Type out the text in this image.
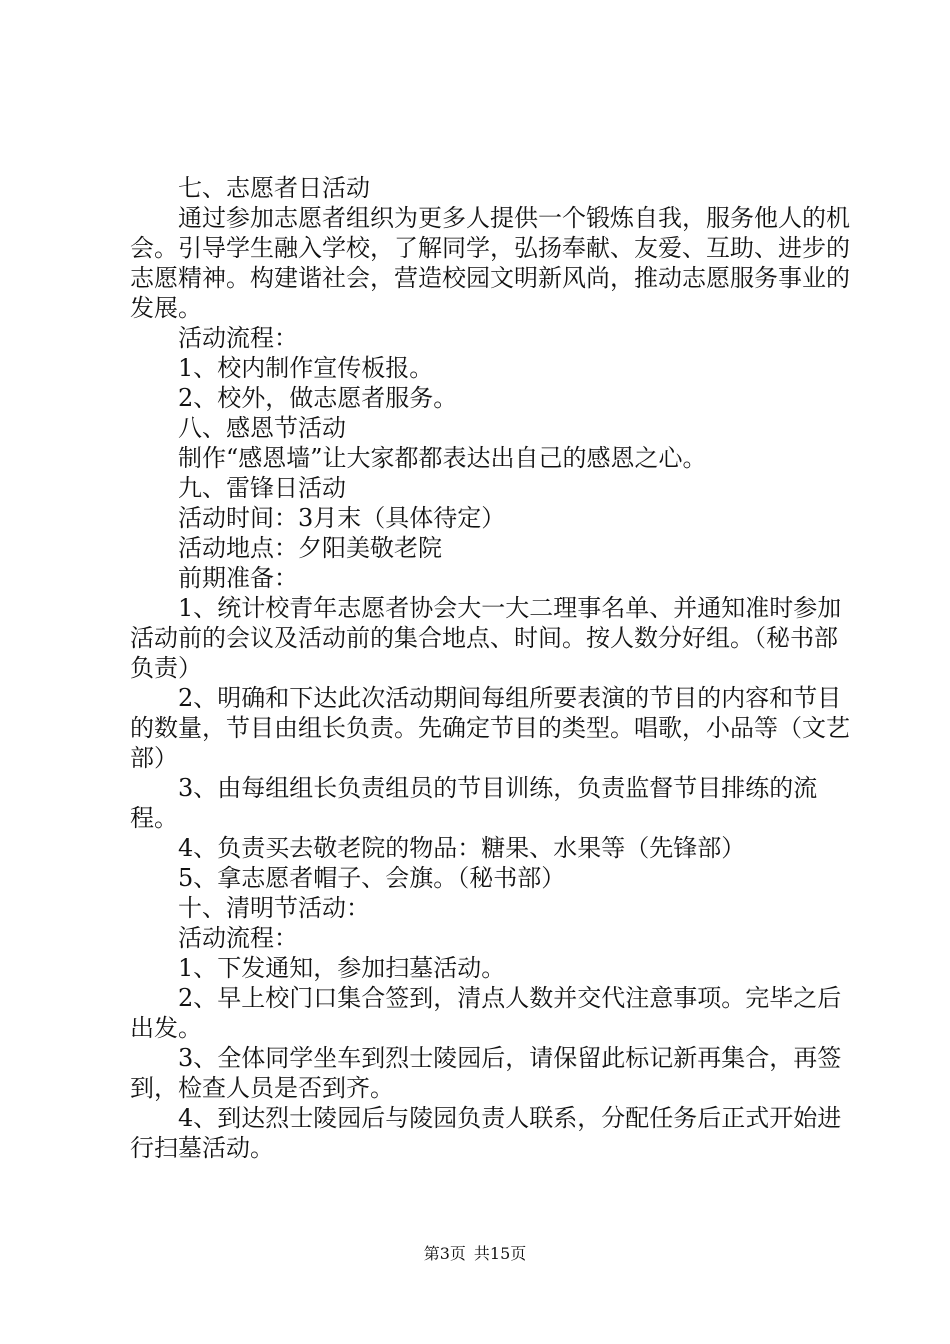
七、志愿者日活动

通过参加志愿者组织为更多人提供一个锻炼自我，服务他人的机会。引导学生融入学校，了解同学，弘扬奉献、友爱、互助、进步的志愿精神。构建谐社会，营造校园文明新风尚，推动志愿服务事业的发展。

活动流程：

1、校内制作宣传板报。

2、校外，做志愿者服务。

八、感恩节活动

制作“感恩墙”让大家都都表达出自己的感恩之心。

九、雷锋日活动

活动时间：3月末（具体待定）

活动地点：夕阳美敬老院

前期准备：

1、统计校青年志愿者协会大一大二理事名单、并通知准时参加活动前的会议及活动前的集合地点、时间。按人数分好组。（秘书部负责）

2、明确和下达此次活动期间每组所要表演的节目的内容和节目的数量，节目由组长负责。先确定节目的类型。唱歌，小品等（文艺部）

3、由每组组长负责组员的节目训练，负责监督节目排练的流程。

4、负责买去敬老院的物品：糖果、水果等（先锋部）

5、拿志愿者帽子、会旗。（秘书部）

十、清明节活动：

活动流程：

1、下发通知，参加扫墓活动。

2、早上校门口集合签到，清点人数并交代注意事项。完毕之后出发。

3、全体同学坐车到烈士陵园后，请保留此标记新再集合，再签到，检查人员是否到齐。

4、到达烈士陵园后与陵园负责人联系，分配任务后正式开始进行扫墓活动。

第3页 共15页
